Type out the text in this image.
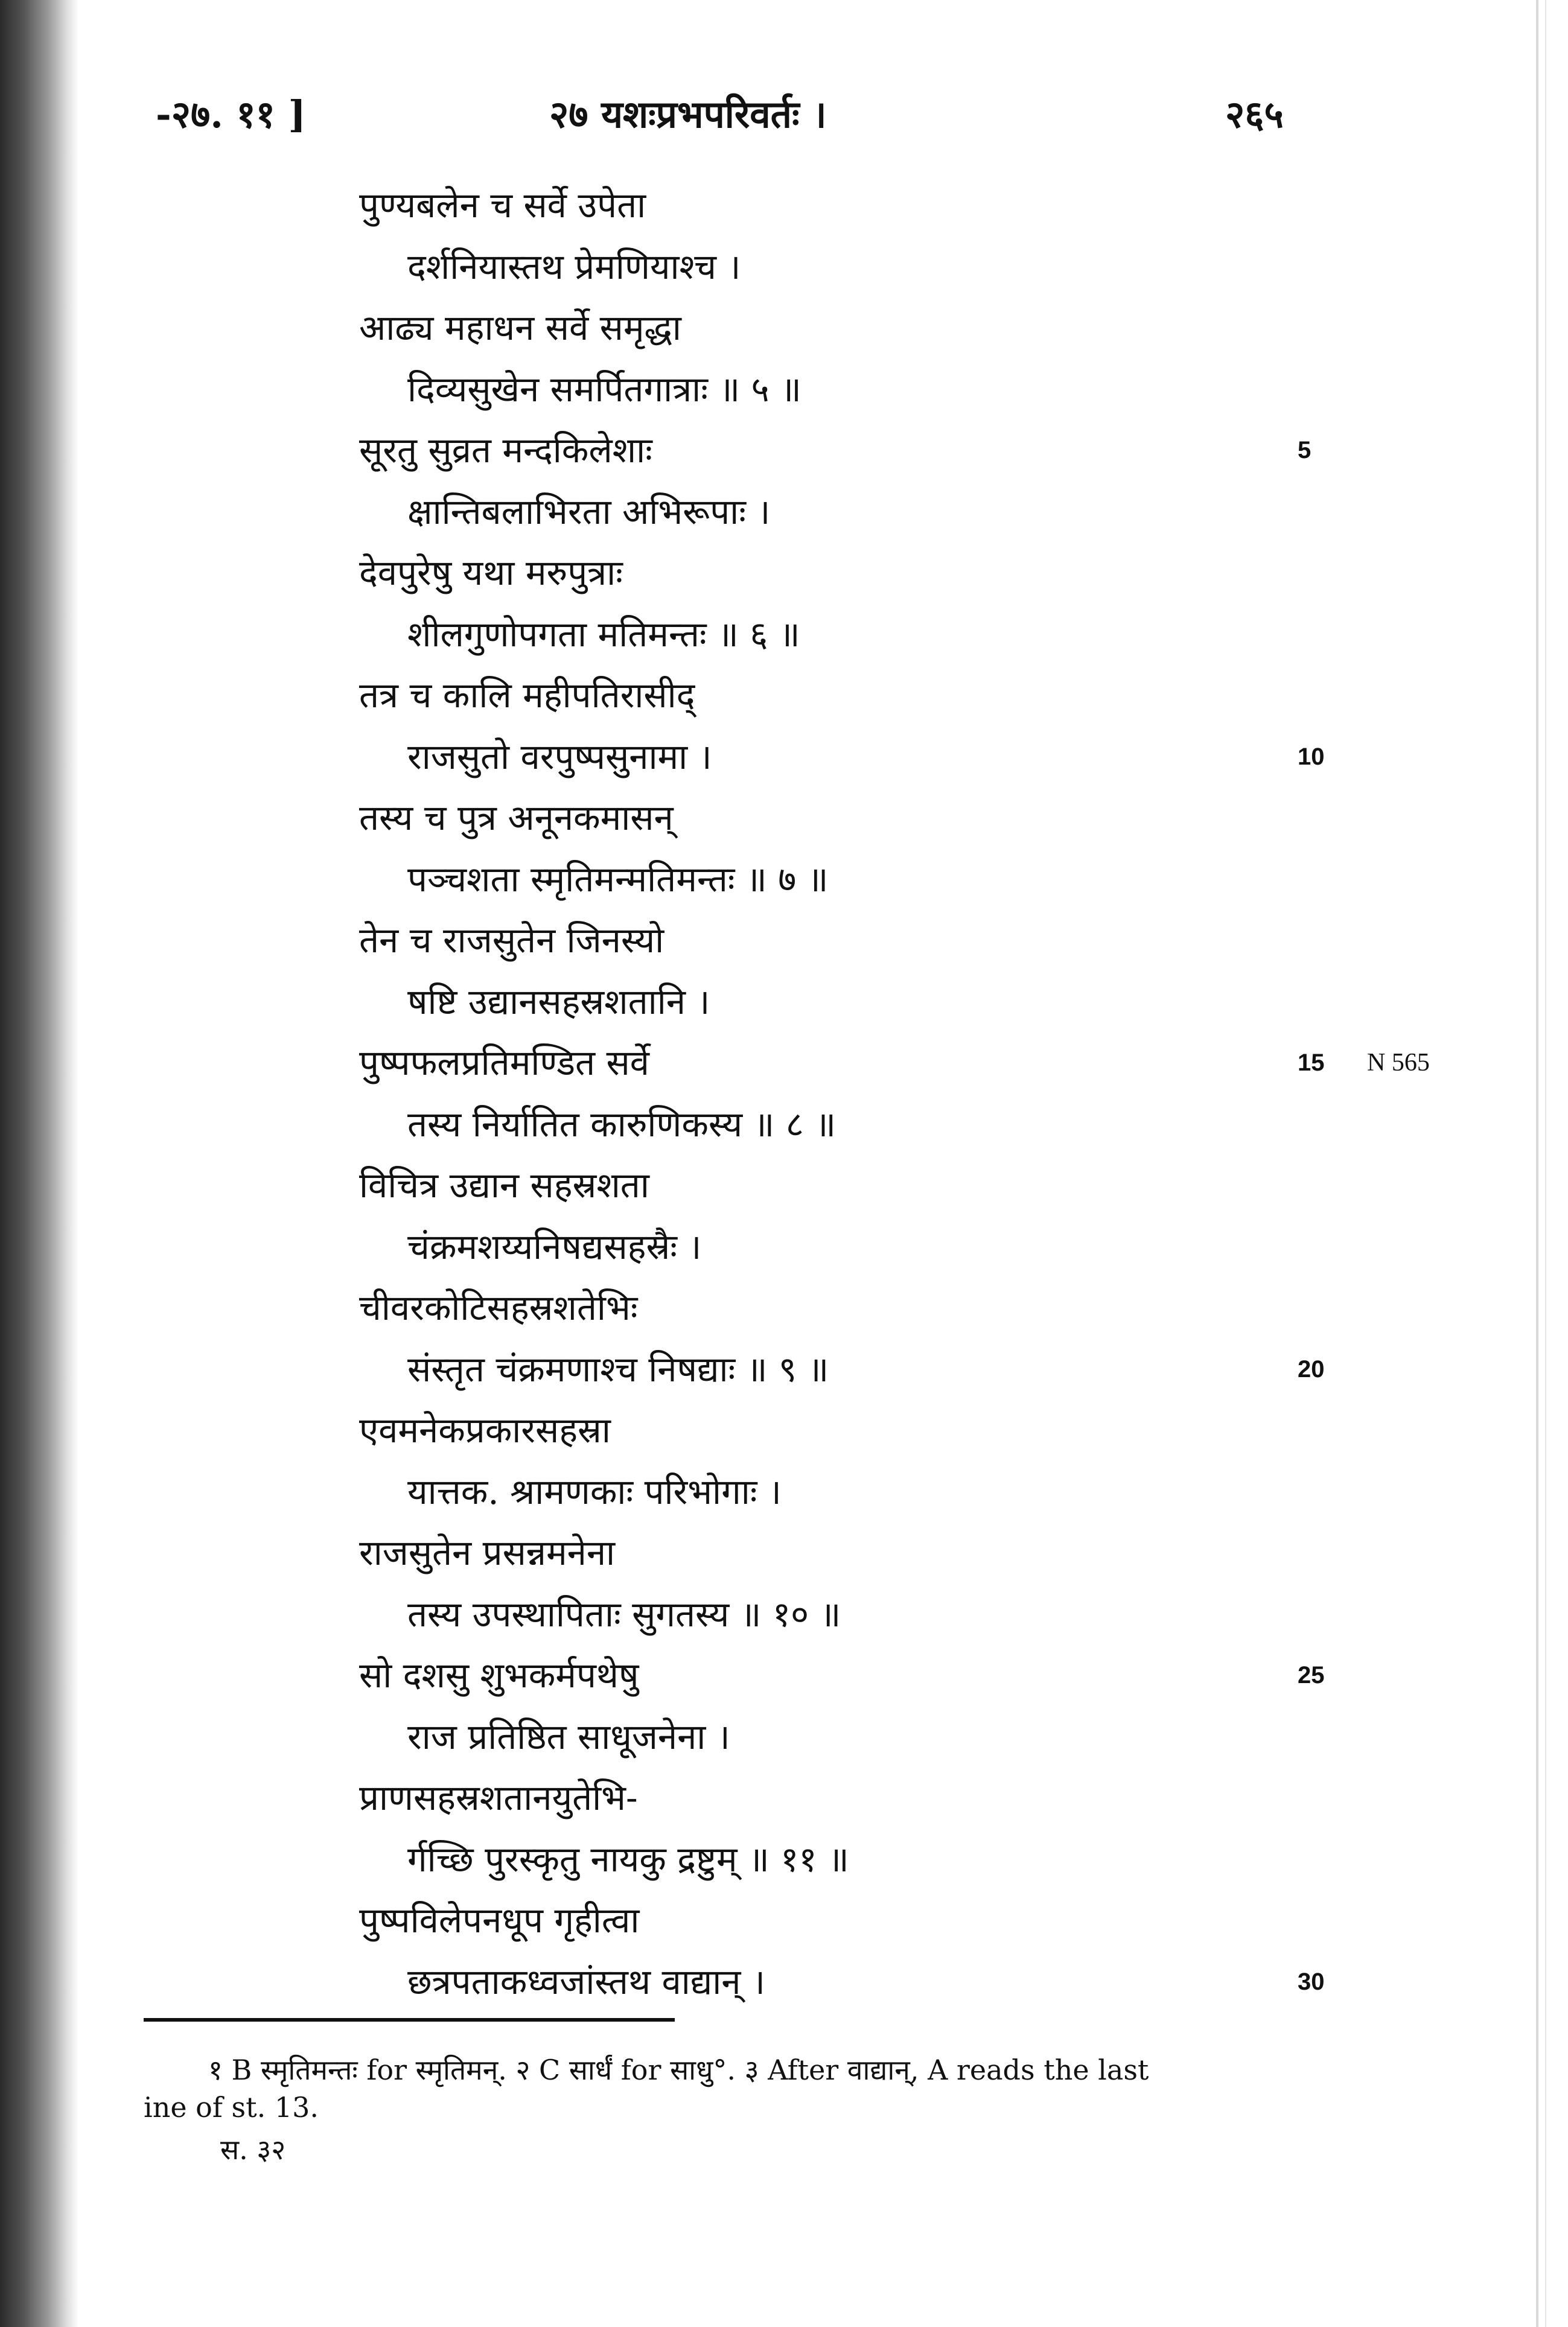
-२७. ११ ]	२७ यशःप्रभपरिवर्तः ।	२६५
पुण्यबलेन च सर्वे उपेता
दर्शनियास्तथ प्रेमणियाश्च ।
आढ्य महाधन सर्वे समृद्धा
दिव्यसुखेन समर्पितगात्राः ॥ ५ ॥
सूरतु सुव्रत मन्दकिलेशाः	5
क्षान्तिबलाभिरता अभिरूपाः ।
देवपुरेषु यथा मरुपुत्राः
शीलगुणोपगता मतिमन्तः ॥ ६ ॥
तत्र च कालि महीपतिरासीद्
राजसुतो वरपुष्पसुनामा ।	10
तस्य च पुत्र अनूनकमासन्
पञ्चशता स्मृतिमन्मतिमन्तः ॥ ७ ॥
तेन च राजसुतेन जिनस्यो
षष्टि उद्यानसहस्रशतानि ।
पुष्पफलप्रतिमण्डित सर्वे	15 N 565
तस्य निर्यातित कारुणिकस्य ॥ ८ ॥
विचित्र उद्यान सहस्रशता
चंक्रमशय्यनिषद्यसहस्रैः ।
चीवरकोटिसहस्रशतेभिः
संस्तृत चंक्रमणाश्च निषद्याः ॥ ९ ॥	20
एवमनेकप्रकारसहस्रा
यात्तक. श्रामणकाः परिभोगाः ।
राजसुतेन प्रसन्नमनेना
तस्य उपस्थापिताः सुगतस्य ॥ १० ॥
सो दशसु शुभकर्मपथेषु	25
राज प्रतिष्ठित साधूजनेना ।
प्राणसहस्रशतानयुतेभि-
र्गच्छि पुरस्कृतु नायकु द्रष्टुम् ॥ ११ ॥
पुष्पविलेपनधूप गृहीत्वा
छत्रपताकध्वजांस्तथ वाद्यान् ।	30
१ B स्मृतिमन्तः for स्मृतिमन्. २ C सार्धं for साधु°. ३ After वाद्यान्, A reads the last
ine of st. 13.
स. ३२
